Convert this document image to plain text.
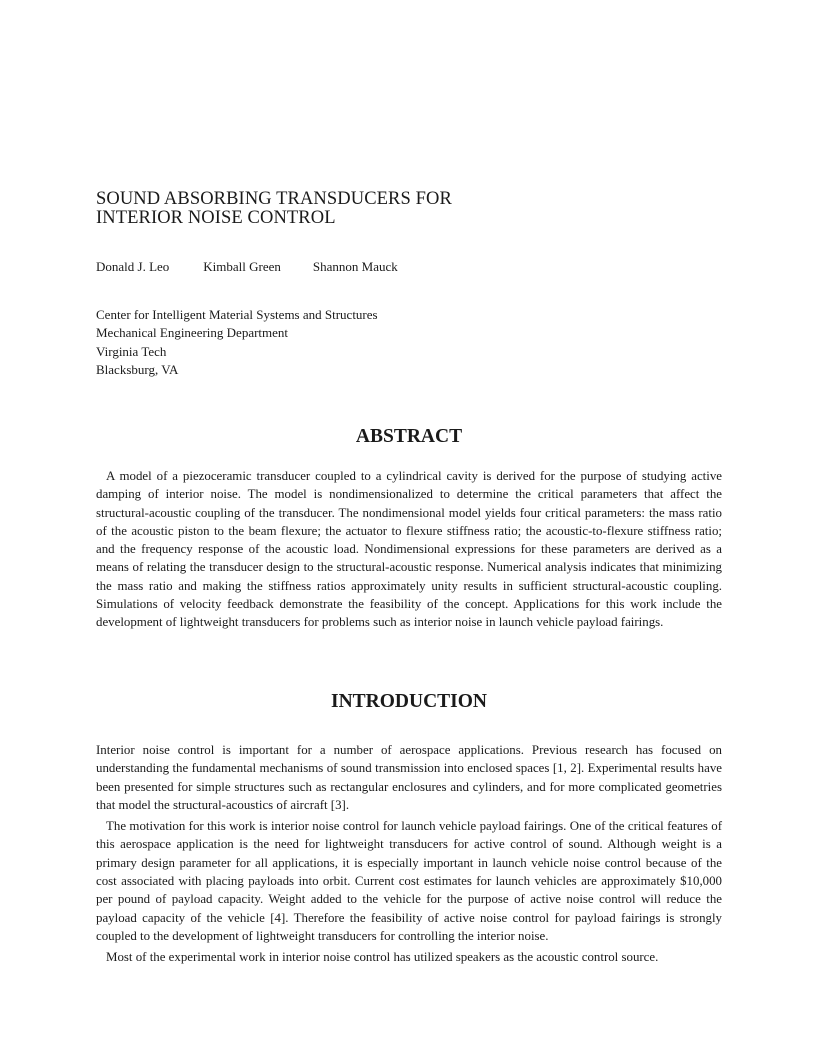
SOUND ABSORBING TRANSDUCERS FOR
INTERIOR NOISE CONTROL
Donald J. Leo	Kimball Green Shannon Mauck
Center for Intelligent Material Systems and Structures
Mechanical Engineering Department
Virginia Tech
Blacksburg, VA
ABSTRACT

A model of a piezoceramic transducer coupled to a cylindrical cavity is derived for the purpose of studying active damping of interior noise. The model is nondimensionalized to determine the critical parameters that affect the structural-acoustic coupling of the transducer. The nondimensional model yields four critical parameters: the mass ratio of the acoustic piston to the beam flexure; the actuator to flexure stiffness ratio; the acoustic-to-flexure stiffness ratio; and the frequency response of the acoustic load. Nondimensional expressions for these parameters are derived as a means of relating the transducer design to the structural-acoustic response. Numerical analysis indicates that minimizing the mass ratio and making the stiffness ratios approximately unity results in sufficient structural-acoustic coupling. Simulations of velocity feedback demonstrate the feasibility of the concept. Applications for this work include the development of lightweight transducers for problems such as interior noise in launch vehicle payload fairings.

INTRODUCTION

Interior noise control is important for a number of aerospace applications. Previous research has focused on understanding the fundamental mechanisms of sound transmission into enclosed spaces [1, 2]. Experimental results have been presented for simple structures such as rectangular enclosures and cylinders, and for more complicated geometries that model the structural-acoustics of aircraft [3].

The motivation for this work is interior noise control for launch vehicle payload fairings. One of the critical features of this aerospace application is the need for lightweight transducers for active control of sound. Although weight is a primary design parameter for all applications, it is especially important in launch vehicle noise control because of the cost associated with placing payloads into orbit. Current cost estimates for launch vehicles are approximately $10,000 per pound of payload capacity. Weight added to the vehicle for the purpose of active noise control will reduce the payload capacity of the vehicle [4]. Therefore the feasibility of active noise control for payload fairings is strongly coupled to the development of lightweight transducers for controlling the interior noise.

Most of the experimental work in interior noise control has utilized speakers as the acoustic control source.
